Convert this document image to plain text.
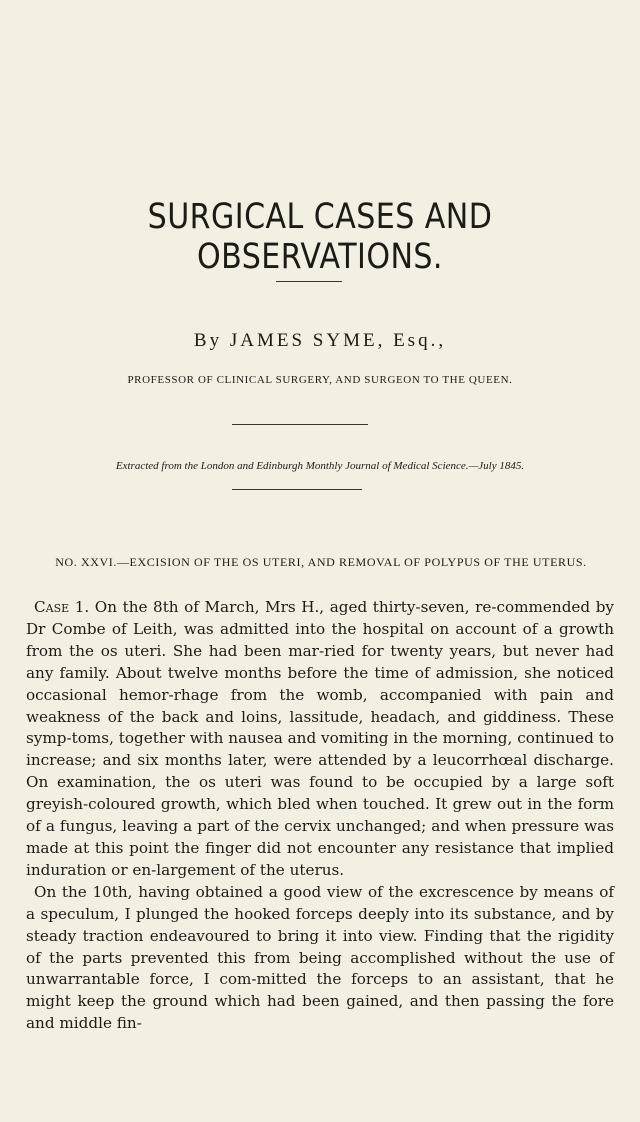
SURGICAL CASES AND OBSERVATIONS.
By JAMES SYME, Esq.,
PROFESSOR OF CLINICAL SURGERY, AND SURGEON TO THE QUEEN.
Extracted from the London and Edinburgh Monthly Journal of Medical Science.—July 1845.
NO. XXVI.—EXCISION OF THE OS UTERI, AND REMOVAL OF POLYPUS OF THE UTERUS.

Case 1. On the 8th of March, Mrs H., aged thirty-seven, re-commended by Dr Combe of Leith, was admitted into the hospital on account of a growth from the os uteri. She had been mar-ried for twenty years, but never had any family. About twelve months before the time of admission, she noticed occasional hemor-rhage from the womb, accompanied with pain and weakness of the back and loins, lassitude, headach, and giddiness. These symp-toms, together with nausea and vomiting in the morning, continued to increase; and six months later, were attended by a leucorrhœal discharge. On examination, the os uteri was found to be occupied by a large soft greyish-coloured growth, which bled when touched. It grew out in the form of a fungus, leaving a part of the cervix unchanged; and when pressure was made at this point the finger did not encounter any resistance that implied induration or en-largement of the uterus.

On the 10th, having obtained a good view of the excrescence by means of a speculum, I plunged the hooked forceps deeply into its substance, and by steady traction endeavoured to bring it into view. Finding that the rigidity of the parts prevented this from being accomplished without the use of unwarrantable force, I com-mitted the forceps to an assistant, that he might keep the ground which had been gained, and then passing the fore and middle fin-
